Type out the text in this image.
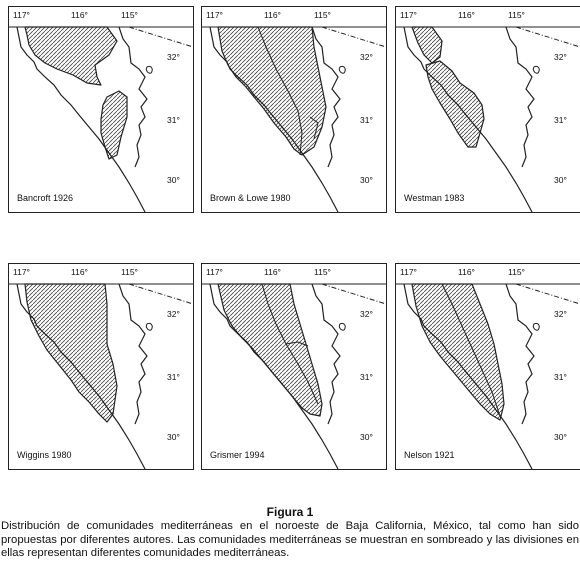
117°	116°	115°
32°
31°
30°
Bancroft 1926
117°	116°	115°
32°
31°
30°
Brown & Lowe 1980
117°	116°	115°
32°
31°
30°
Westman 1983
117°	116°	115°
32°
31°
30°
Wiggins 1980
117°	116°	115°
32°
31°
30°
Grismer 1994
117°	116°	115°
32°
31°
30°
Nelson 1921
Figura 1
Distribución de comunidades mediterráneas en el noroeste de Baja California, México, tal como han sido propuestas por diferentes autores. Las comunidades mediterráneas se muestran en sombreado y las divisiones en ellas representan diferentes comunidades mediterráneas.
